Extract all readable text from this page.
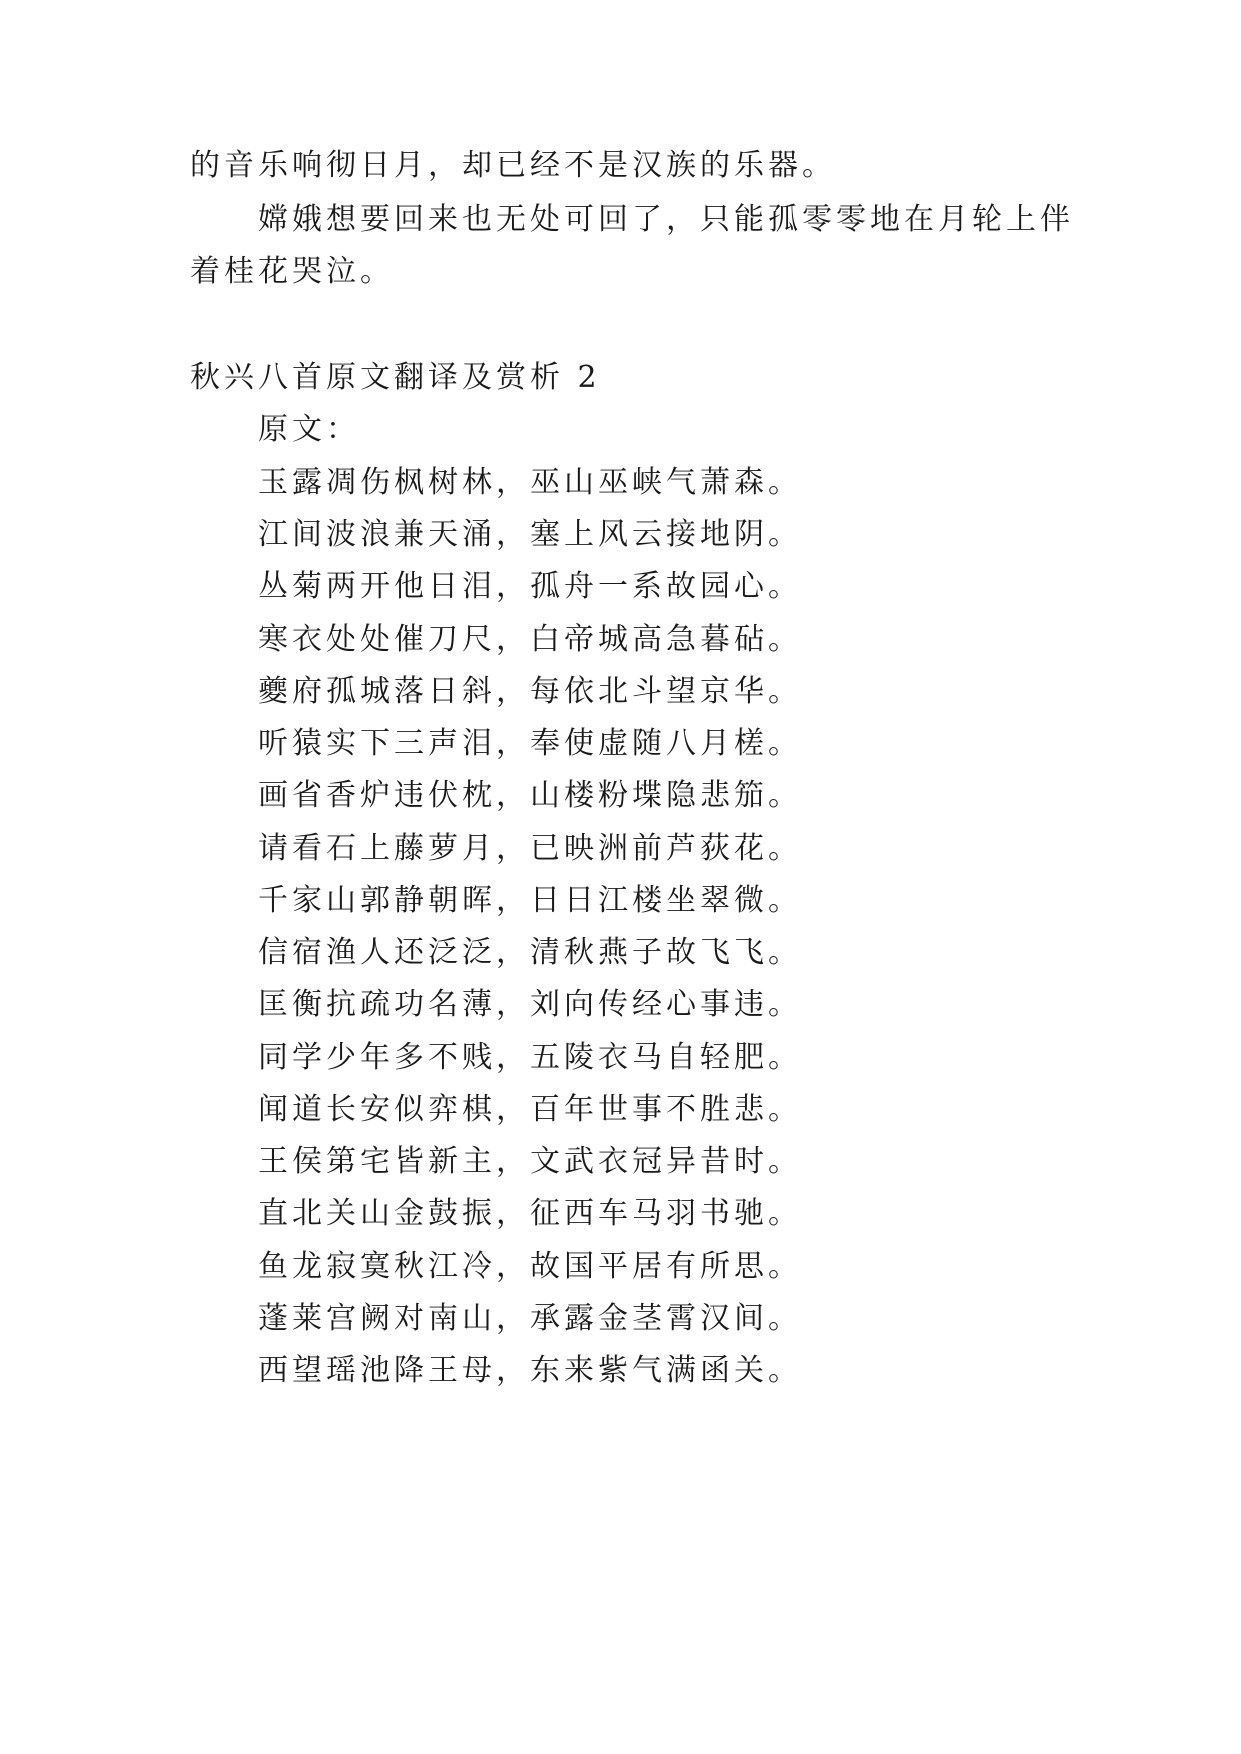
的音乐响彻日月，却已经不是汉族的乐器。
嫦娥想要回来也无处可回了，只能孤零零地在月轮上伴
着桂花哭泣。
秋兴八首原文翻译及赏析 2
原文：
玉露凋伤枫树林，巫山巫峡气萧森。
江间波浪兼天涌，塞上风云接地阴。
丛菊两开他日泪，孤舟一系故园心。
寒衣处处催刀尺，白帝城高急暮砧。
夔府孤城落日斜，每依北斗望京华。
听猿实下三声泪，奉使虚随八月槎。
画省香炉违伏枕，山楼粉堞隐悲笳。
请看石上藤萝月，已映洲前芦荻花。
千家山郭静朝晖，日日江楼坐翠微。
信宿渔人还泛泛，清秋燕子故飞飞。
匡衡抗疏功名薄，刘向传经心事违。
同学少年多不贱，五陵衣马自轻肥。
闻道长安似弈棋，百年世事不胜悲。
王侯第宅皆新主，文武衣冠异昔时。
直北关山金鼓振，征西车马羽书驰。
鱼龙寂寞秋江冷，故国平居有所思。
蓬莱宫阙对南山，承露金茎霄汉间。
西望瑶池降王母，东来紫气满函关。
